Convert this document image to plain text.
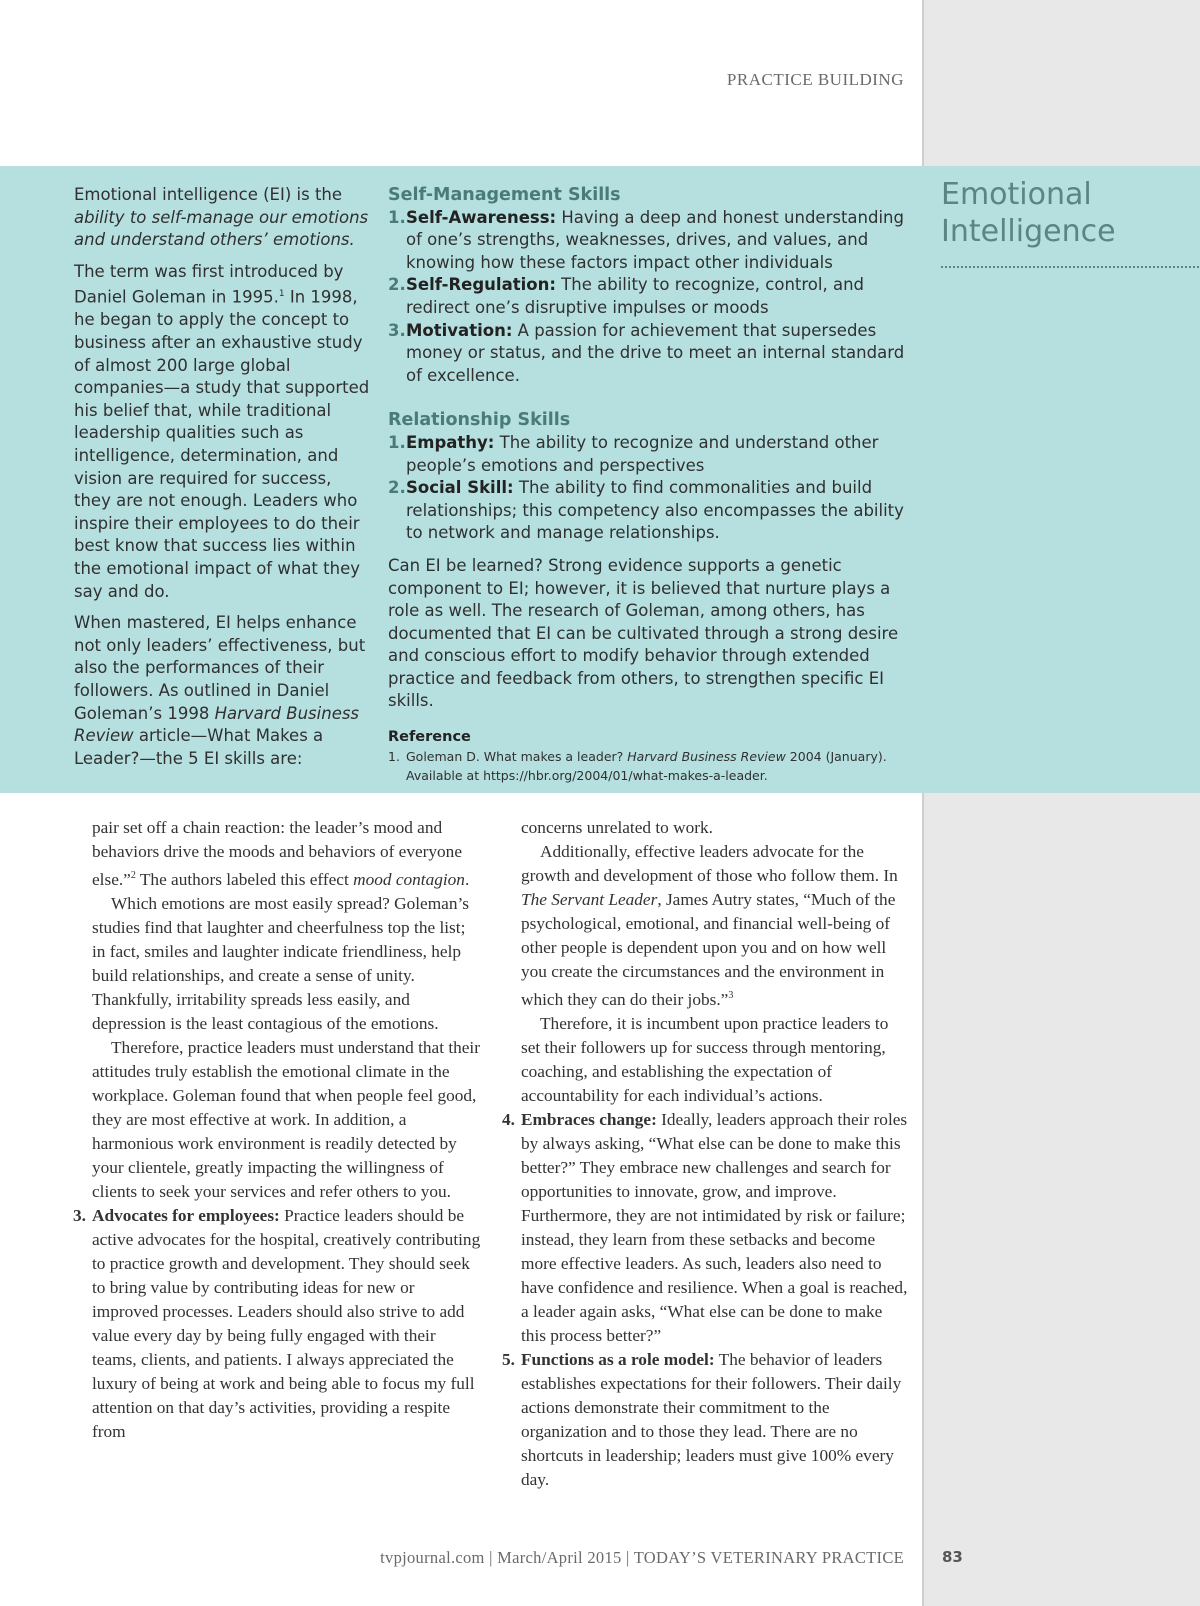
PRACTICE BUILDING

Emotional intelligence (EI) is the ability to self-manage our emotions and understand others’ emotions.

The term was first introduced by Daniel Goleman in 1995.$^1$ In 1998, he began to apply the concept to business after an exhaustive study of almost 200 large global companies—a study that supported his belief that, while traditional leadership qualities such as intelligence, determination, and vision are required for success, they are not enough. Leaders who inspire their employees to do their best know that success lies within the emotional impact of what they say and do.

When mastered, EI helps enhance not only leaders’ effectiveness, but also the performances of their followers. As outlined in Daniel Goleman’s 1998 Harvard Business Review article—What Makes a Leader?—the 5 EI skills are:

Self-Management Skills
1. Self-Awareness: Having a deep and honest understanding of one’s strengths, weaknesses, drives, and values, and knowing how these factors impact other individuals
2. Self-Regulation: The ability to recognize, control, and redirect one’s disruptive impulses or moods
3. Motivation: A passion for achievement that supersedes money or status, and the drive to meet an internal standard of excellence.
Relationship Skills
1. Empathy: The ability to recognize and understand other people’s emotions and perspectives
2. Social Skill: The ability to find commonalities and build relationships; this competency also encompasses the ability to network and manage relationships.

Can EI be learned? Strong evidence supports a genetic component to EI; however, it is believed that nurture plays a role as well. The research of Goleman, among others, has documented that EI can be cultivated through a strong desire and conscious effort to modify behavior through extended practice and feedback from others, to strengthen specific EI skills.

Reference
1. Goleman D. What makes a leader? Harvard Business Review 2004 (January). Available at https://hbr.org/2004/01/what-makes-a-leader.
Emotional
Intelligence

pair set off a chain reaction: the leader’s mood and behaviors drive the moods and behaviors of everyone else.”$^2$ The authors labeled this effect mood contagion.

Which emotions are most easily spread? Goleman’s studies find that laughter and cheerfulness top the list; in fact, smiles and laughter indicate friendliness, help build relationships, and create a sense of unity. Thankfully, irritability spreads less easily, and depression is the least contagious of the emotions.

Therefore, practice leaders must understand that their attitudes truly establish the emotional climate in the workplace. Goleman found that when people feel good, they are most effective at work. In addition, a harmonious work environment is readily detected by your clientele, greatly impacting the willingness of clients to seek your services and refer others to you.

3. Advocates for employees: Practice leaders should be active advocates for the hospital, creatively contributing to practice growth and development. They should seek to bring value by contributing ideas for new or improved processes. Leaders should also strive to add value every day by being fully engaged with their teams, clients, and patients. I always appreciated the luxury of being at work and being able to focus my full attention on that day’s activities, providing a respite from

concerns unrelated to work.

Additionally, effective leaders advocate for the growth and development of those who follow them. In The Servant Leader, James Autry states, “Much of the psychological, emotional, and financial well-being of other people is dependent upon you and on how well you create the circumstances and the environment in which they can do their jobs.”$^3$

Therefore, it is incumbent upon practice leaders to set their followers up for success through mentoring, coaching, and establishing the expectation of accountability for each individual’s actions.

4. Embraces change: Ideally, leaders approach their roles by always asking, “What else can be done to make this better?” They embrace new challenges and search for opportunities to innovate, grow, and improve. Furthermore, they are not intimidated by risk or failure; instead, they learn from these setbacks and become more effective leaders. As such, leaders also need to have confidence and resilience. When a goal is reached, a leader again asks, “What else can be done to make this process better?”

5. Functions as a role model: The behavior of leaders establishes expectations for their followers. Their daily actions demonstrate their commitment to the organization and to those they lead. There are no shortcuts in leadership; leaders must give 100% every day.

tvpjournal.com | March/April 2015 | TODAY’S VETERINARY PRACTICE	83
